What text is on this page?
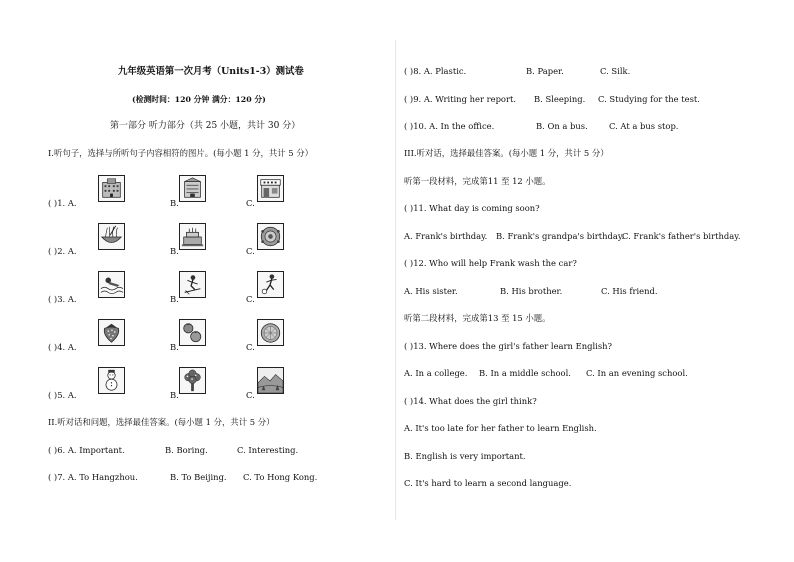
九年级英语第一次月考（Units1-3）测试卷
(检测时间：120 分钟 满分：120 分)
第一部分 听力部分（共 25 小题，共计 30 分）
I.听句子，选择与所听句子内容相符的图片。(每小题 1 分，共计 5 分）
( )1. A.	B.	C.
( )2. A.	B.	C.
( )3. A.	B.	C.
( )4. A.	B.	C.
( )5. A.	B.	C.
II.听对话和问题，选择最佳答案。(每小题 1 分，共计 5 分）
( )6. A. Important.	B. Boring.	C. Interesting.
( )7. A. To Hangzhou.	B. To Beijing. C. To Hong Kong.
( )8. A. Plastic.	B. Paper.	C. Silk.
( )9. A. Writing her report. B. Sleeping. C. Studying for the test.
( )10. A. In the office.	B. On a bus.	C. At a bus stop.
III.听对话，选择最佳答案。(每小题 1 分，共计 5 分）
听第一段材料，完成第11 至 12 小题。
( )11. What day is coming soon?
A. Frank's birthday. B. Frank's grandpa's birthday.
C. Frank's father's birthday.
( )12. Who will help Frank wash the car?
A. His sister.	B. His brother.	C. His friend.
听第二段材料，完成第13 至 15 小题。
( )13. Where does the girl's father learn English?
A. In a college. B. In a middle school. C. In an evening school.
( )14. What does the girl think?
A. It's too late for her father to learn English.
B. English is very important.
C. It's hard to learn a second language.
